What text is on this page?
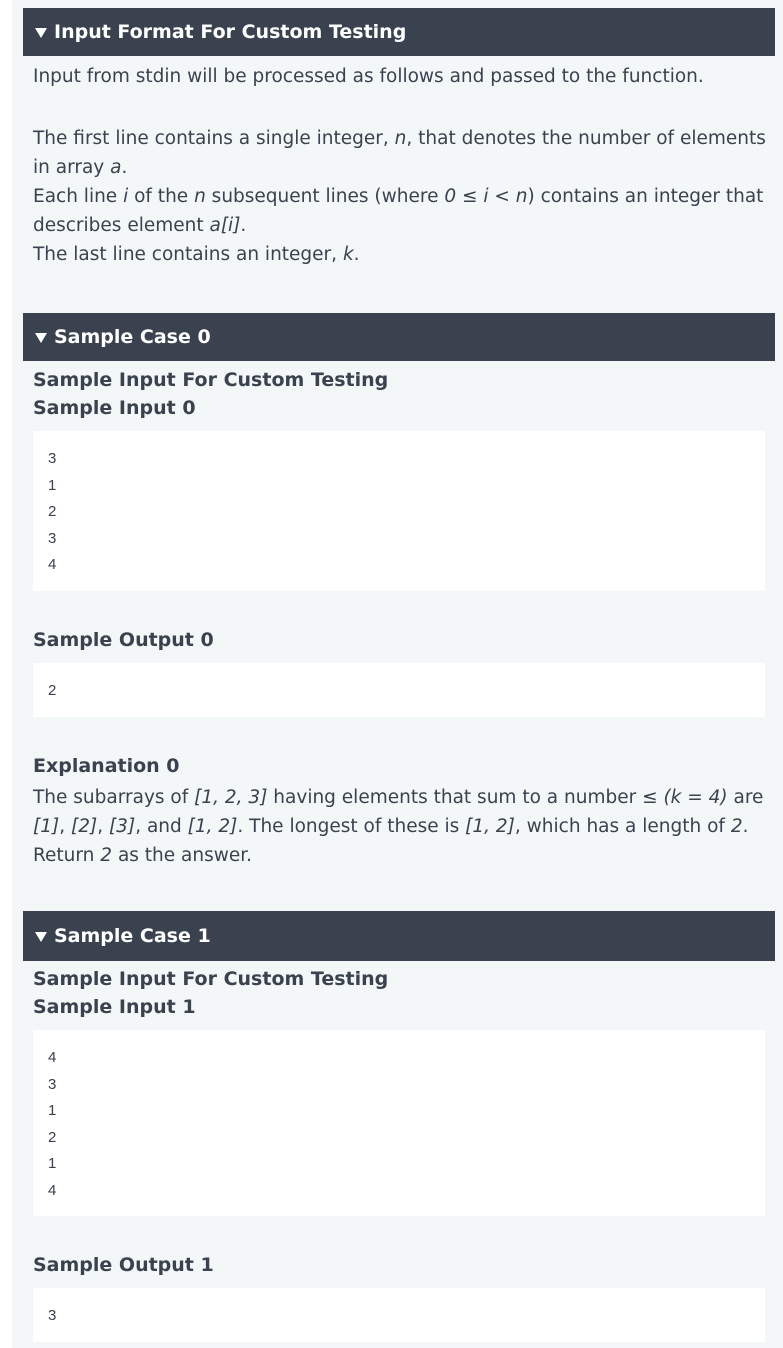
Input Format For Custom Testing
Input from stdin will be processed as follows and passed to the function.
The first line contains a single integer, n, that denotes the number of elements in array a.
Each line i of the n subsequent lines (where 0 ≤ i < n) contains an integer that describes element a[i].
The last line contains an integer, k.
Sample Case 0
Sample Input For Custom Testing
Sample Input 0
3
1
2
3
4
Sample Output 0
2
Explanation 0
The subarrays of [1, 2, 3] having elements that sum to a number ≤ (k = 4) are [1], [2], [3], and [1, 2]. The longest of these is [1, 2], which has a length of 2. Return 2 as the answer.
Sample Case 1
Sample Input For Custom Testing
Sample Input 1
4
3
1
2
1
4
Sample Output 1
3
